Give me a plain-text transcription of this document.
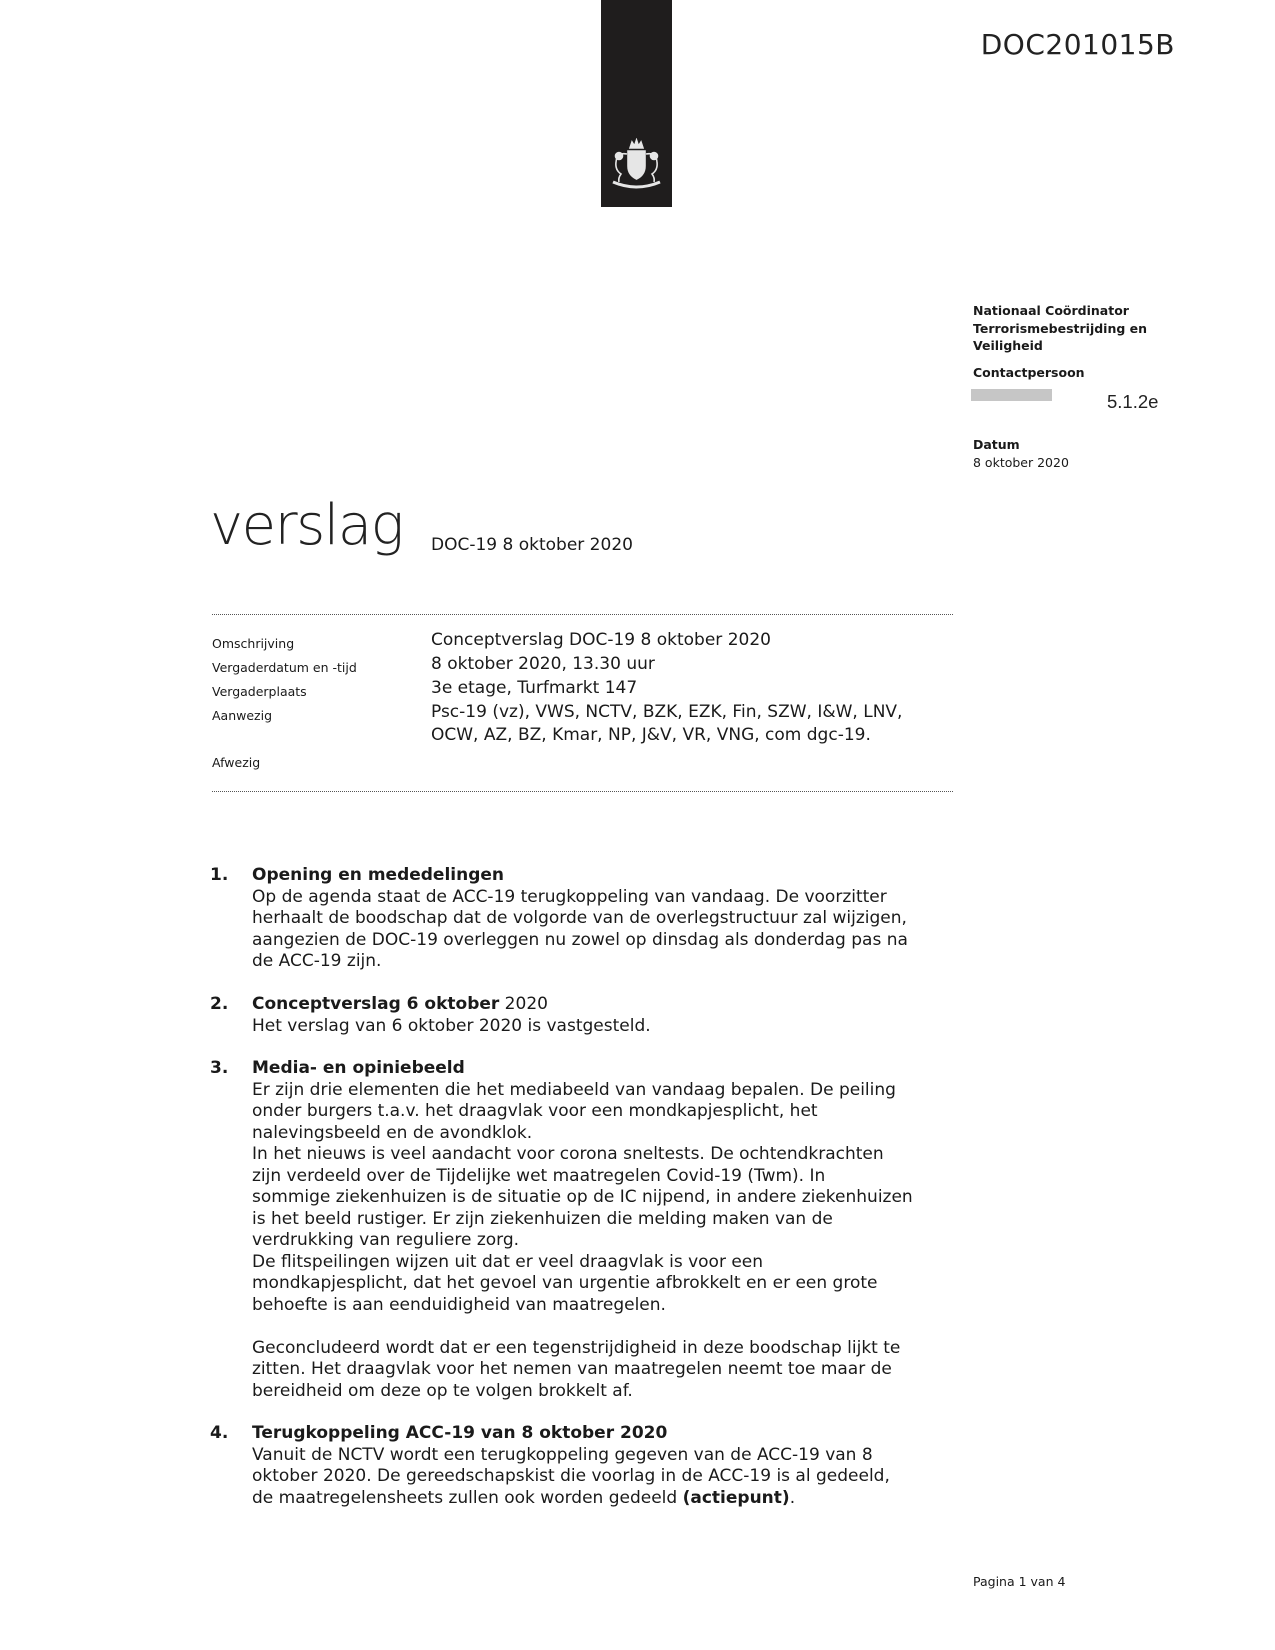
DOC201015B
Nationaal Coördinator
Terrorismebestrijding en
Veiligheid
Contactpersoon
5.1.2e
Datum
8 oktober 2020
verslag DOC-19 8 oktober 2020
Omschrijving
Vergaderdatum en -tijd
Vergaderplaats
Aanwezig
Afwezig
Conceptverslag DOC-19 8 oktober 2020
8 oktober 2020, 13.30 uur
3e etage, Turfmarkt 147
Psc-19 (vz), VWS, NCTV, BZK, EZK, Fin, SZW, I&W, LNV,
OCW, AZ, BZ, Kmar, NP, J&V, VR, VNG, com dgc-19.
1. Opening en mededelingen

Op de agenda staat de ACC-19 terugkoppeling van vandaag. De voorzitter

herhaalt de boodschap dat de volgorde van de overlegstructuur zal wijzigen,

aangezien de DOC-19 overleggen nu zowel op dinsdag als donderdag pas na

de ACC-19 zijn.

2. Conceptverslag 6 oktober 2020

Het verslag van 6 oktober 2020 is vastgesteld.

3. Media- en opiniebeeld

Er zijn drie elementen die het mediabeeld van vandaag bepalen. De peiling

onder burgers t.a.v. het draagvlak voor een mondkapjesplicht, het

nalevingsbeeld en de avondklok.

In het nieuws is veel aandacht voor corona sneltests. De ochtendkrachten

zijn verdeeld over de Tijdelijke wet maatregelen Covid-19 (Twm). In

sommige ziekenhuizen is de situatie op de IC nijpend, in andere ziekenhuizen

is het beeld rustiger. Er zijn ziekenhuizen die melding maken van de

verdrukking van reguliere zorg.

De flitspeilingen wijzen uit dat er veel draagvlak is voor een

mondkapjesplicht, dat het gevoel van urgentie afbrokkelt en er een grote

behoefte is aan eenduidigheid van maatregelen.

Geconcludeerd wordt dat er een tegenstrijdigheid in deze boodschap lijkt te

zitten. Het draagvlak voor het nemen van maatregelen neemt toe maar de

bereidheid om deze op te volgen brokkelt af.

4. Terugkoppeling ACC-19 van 8 oktober 2020

Vanuit de NCTV wordt een terugkoppeling gegeven van de ACC-19 van 8

oktober 2020. De gereedschapskist die voorlag in de ACC-19 is al gedeeld,

de maatregelensheets zullen ook worden gedeeld (actiepunt).

Pagina 1 van 4
